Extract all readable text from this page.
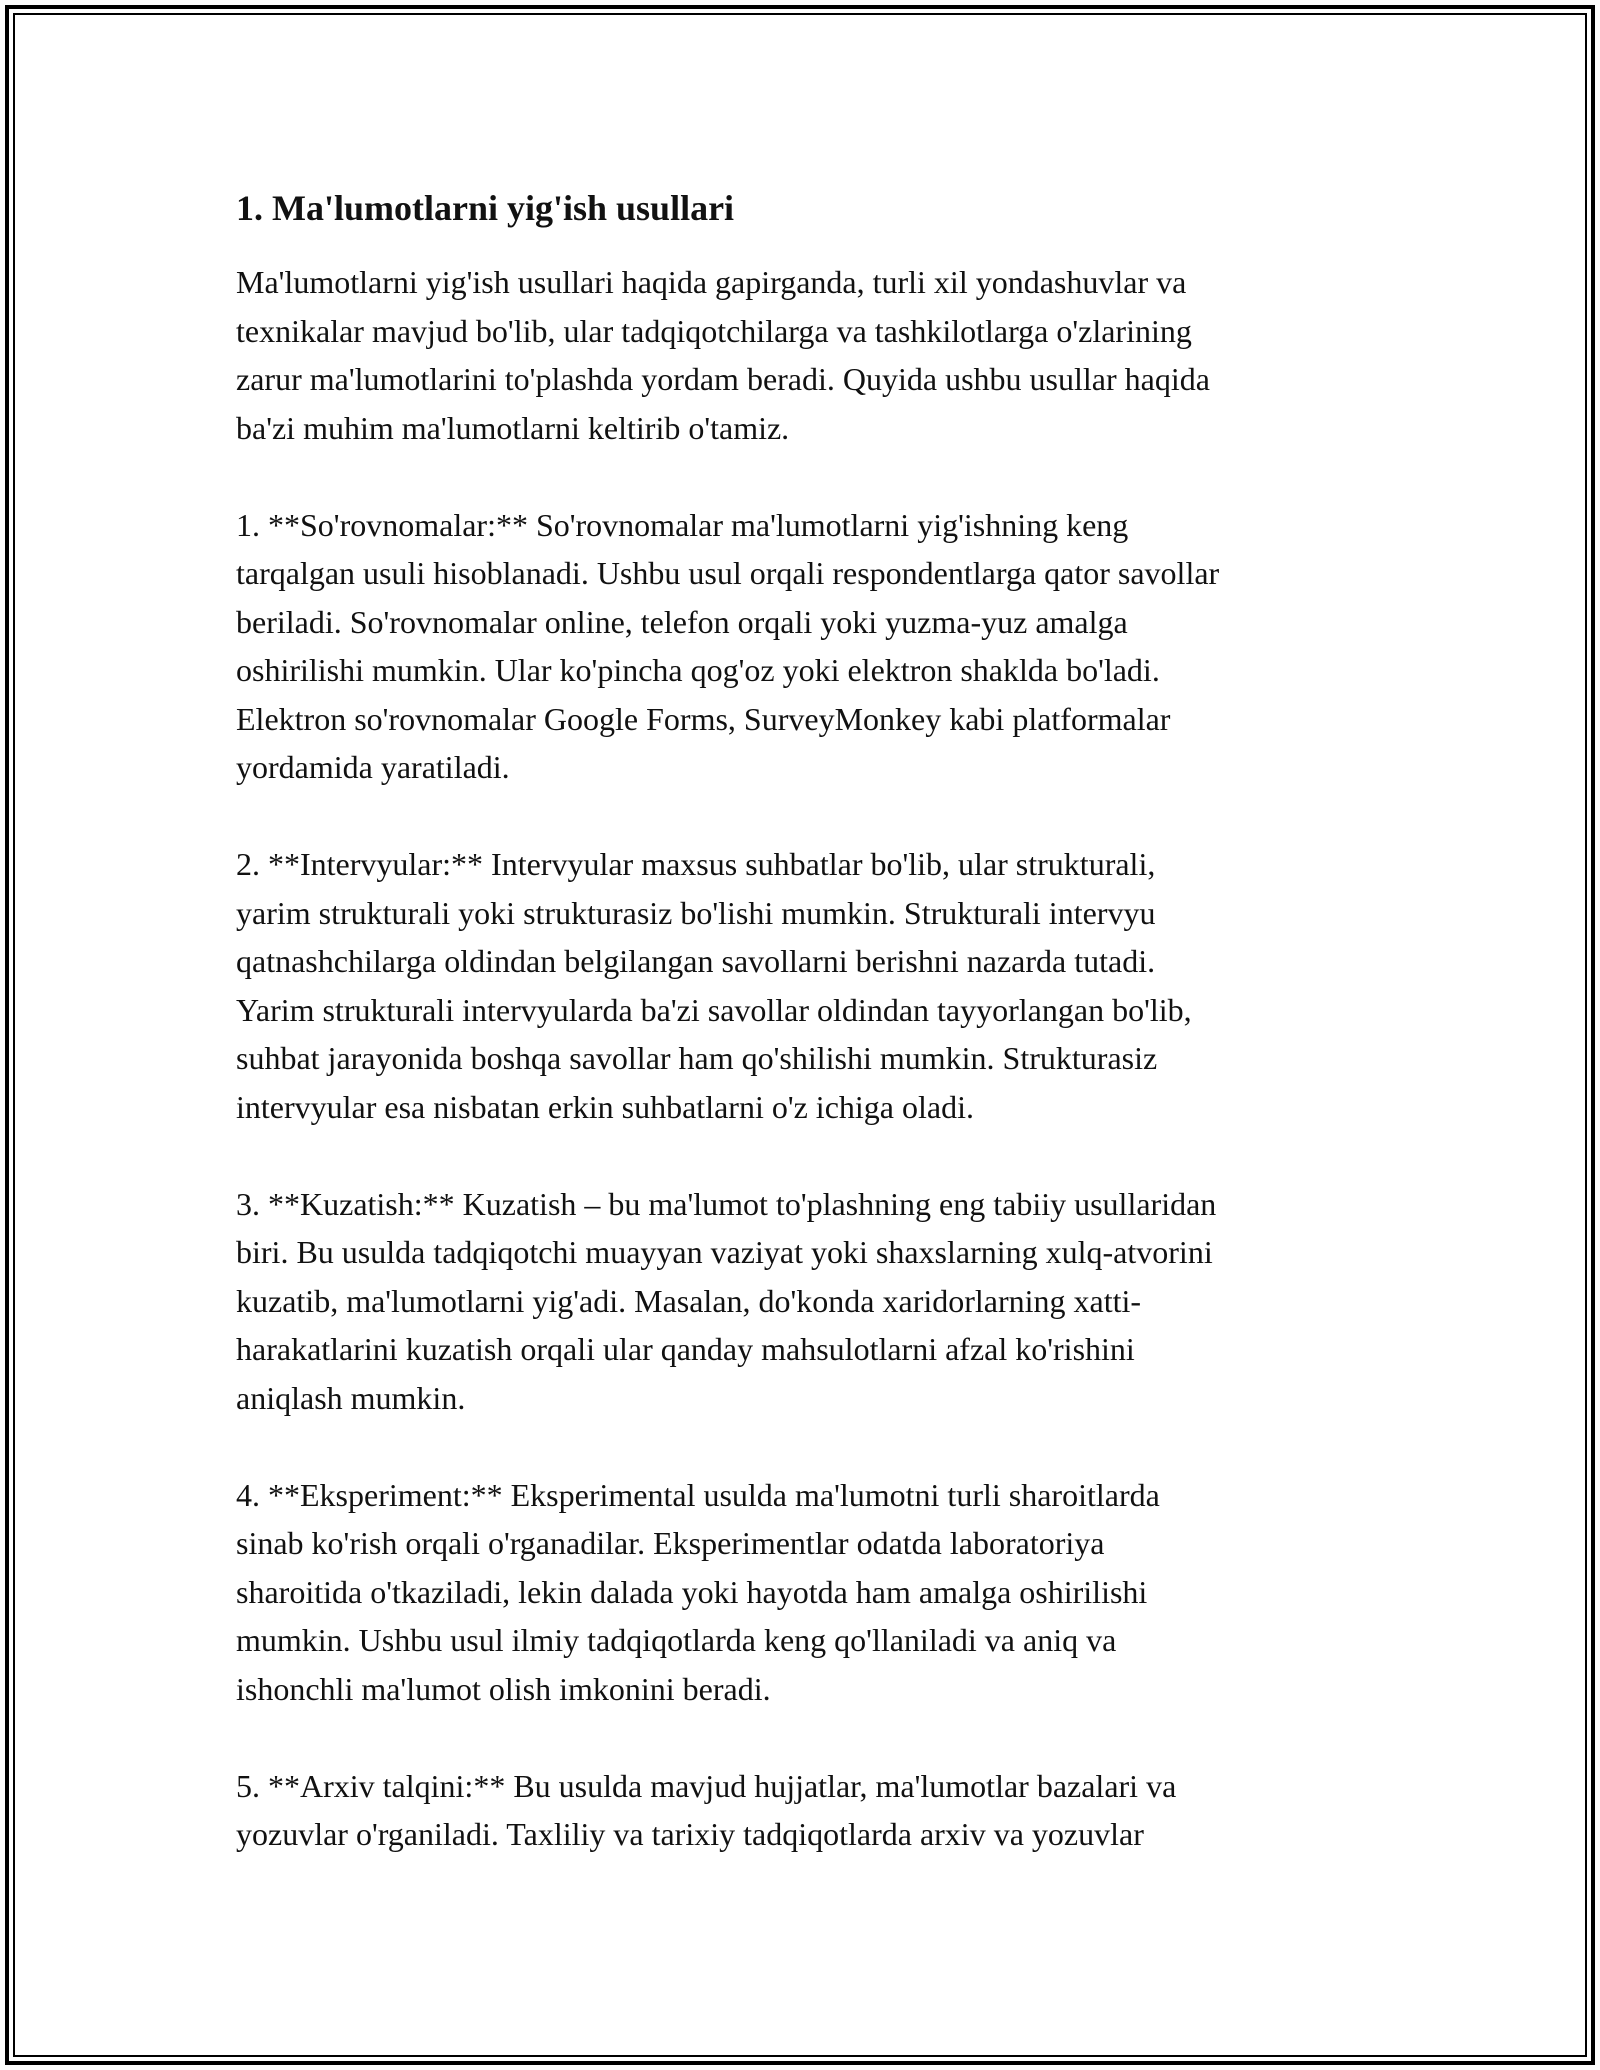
1. Ma'lumotlarni yig'ish usullari

Ma'lumotlarni yig'ish usullari haqida gapirganda, turli xil yondashuvlar va
texnikalar mavjud bo'lib, ular tadqiqotchilarga va tashkilotlarga o'zlarining
zarur ma'lumotlarini to'plashda yordam beradi. Quyida ushbu usullar haqida
ba'zi muhim ma'lumotlarni keltirib o'tamiz.

1. **So'rovnomalar:** So'rovnomalar ma'lumotlarni yig'ishning keng
tarqalgan usuli hisoblanadi. Ushbu usul orqali respondentlarga qator savollar
beriladi. So'rovnomalar online, telefon orqali yoki yuzma-yuz amalga
oshirilishi mumkin. Ular ko'pincha qog'oz yoki elektron shaklda bo'ladi.
Elektron so'rovnomalar Google Forms, SurveyMonkey kabi platformalar
yordamida yaratiladi.

2. **Intervyular:** Intervyular maxsus suhbatlar bo'lib, ular strukturali,
yarim strukturali yoki strukturasiz bo'lishi mumkin. Strukturali intervyu
qatnashchilarga oldindan belgilangan savollarni berishni nazarda tutadi.
Yarim strukturali intervyularda ba'zi savollar oldindan tayyorlangan bo'lib,
suhbat jarayonida boshqa savollar ham qo'shilishi mumkin. Strukturasiz
intervyular esa nisbatan erkin suhbatlarni o'z ichiga oladi.

3. **Kuzatish:** Kuzatish – bu ma'lumot to'plashning eng tabiiy usullaridan
biri. Bu usulda tadqiqotchi muayyan vaziyat yoki shaxslarning xulq-atvorini
kuzatib, ma'lumotlarni yig'adi. Masalan, do'konda xaridorlarning xatti-
harakatlarini kuzatish orqali ular qanday mahsulotlarni afzal ko'rishini
aniqlash mumkin.

4. **Eksperiment:** Eksperimental usulda ma'lumotni turli sharoitlarda
sinab ko'rish orqali o'rganadilar. Eksperimentlar odatda laboratoriya
sharoitida o'tkaziladi, lekin dalada yoki hayotda ham amalga oshirilishi
mumkin. Ushbu usul ilmiy tadqiqotlarda keng qo'llaniladi va aniq va
ishonchli ma'lumot olish imkonini beradi.

5. **Arxiv talqini:** Bu usulda mavjud hujjatlar, ma'lumotlar bazalari va
yozuvlar o'rganiladi. Taxliliy va tarixiy tadqiqotlarda arxiv va yozuvlar
